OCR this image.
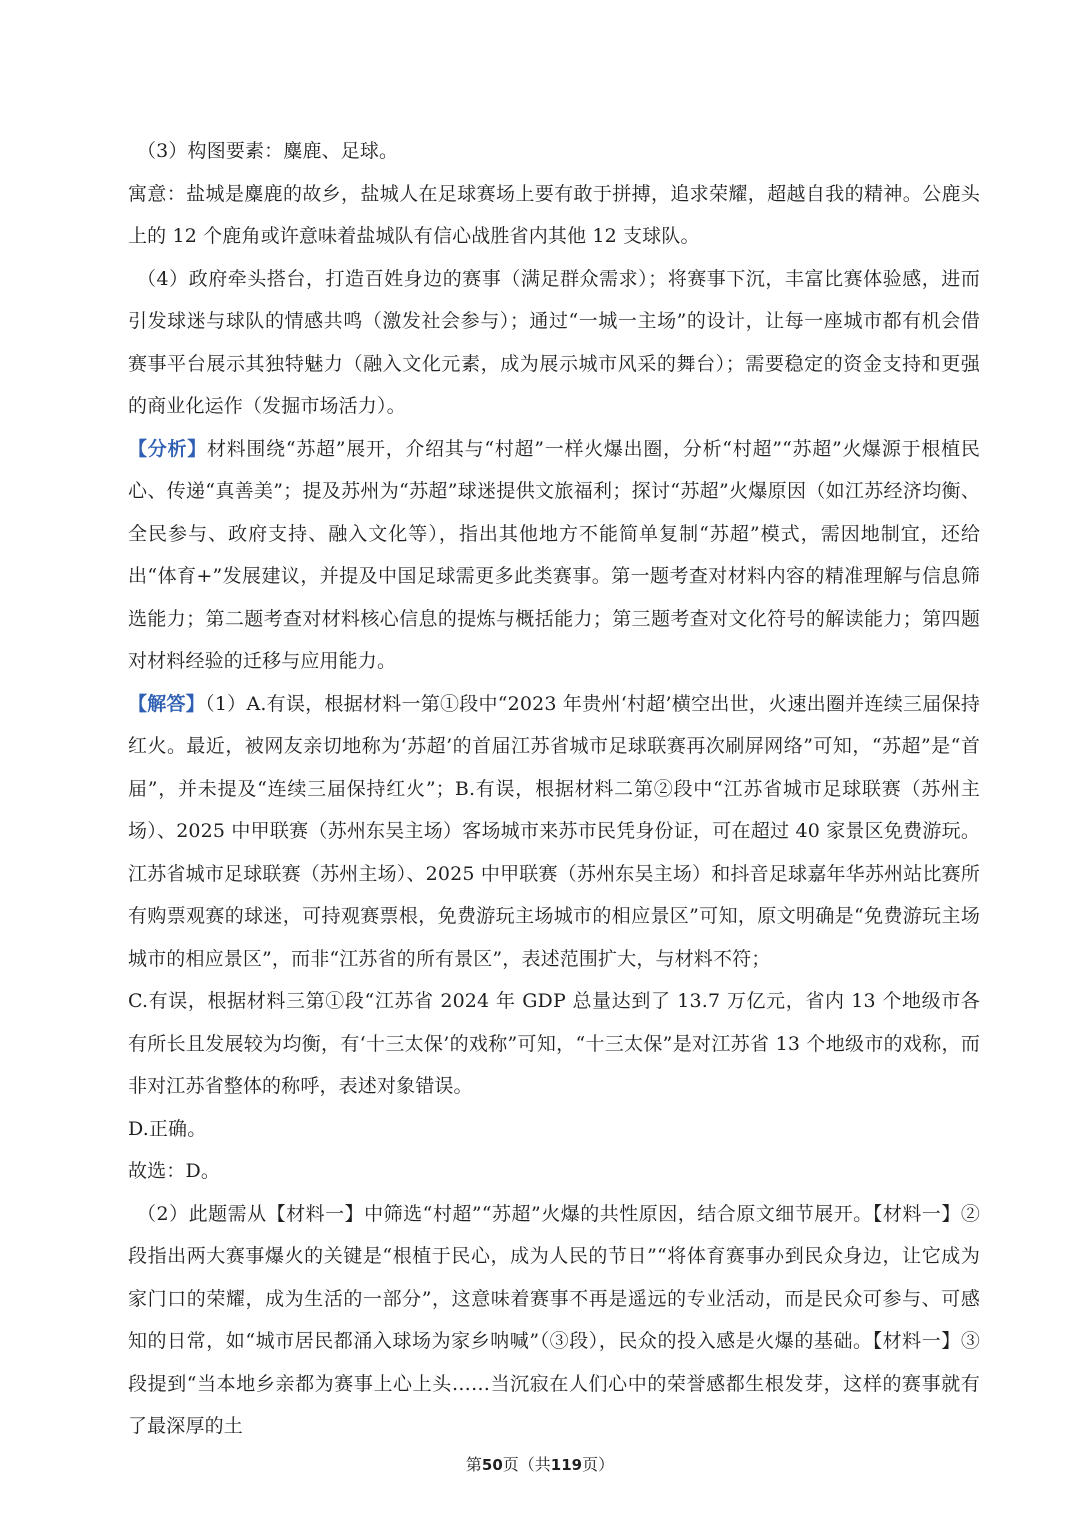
（3）构图要素：麋鹿、足球。

寓意：盐城是麋鹿的故乡，盐城人在足球赛场上要有敢于拼搏，追求荣耀，超越自我的精神。公鹿头上的 12 个鹿角或许意味着盐城队有信心战胜省内其他 12 支球队。

（4）政府牵头搭台，打造百姓身边的赛事（满足群众需求）；将赛事下沉，丰富比赛体验感，进而引发球迷与球队的情感共鸣（激发社会参与）；通过“一城一主场”的设计，让每一座城市都有机会借赛事平台展示其独特魅力（融入文化元素，成为展示城市风采的舞台）；需要稳定的资金支持和更强的商业化运作（发掘市场活力）。

【分析】材料围绕“苏超”展开，介绍其与“村超”一样火爆出圈，分析“村超”“苏超”火爆源于根植民心、传递“真善美”；提及苏州为“苏超”球迷提供文旅福利；探讨“苏超”火爆原因（如江苏经济均衡、全民参与、政府支持、融入文化等），指出其他地方不能简单复制“苏超”模式，需因地制宜，还给出“体育+”发展建议，并提及中国足球需更多此类赛事。第一题考查对材料内容的精准理解与信息筛选能力；第二题考查对材料核心信息的提炼与概括能力；第三题考查对文化符号的解读能力；第四题对材料经验的迁移与应用能力。

【解答】（1）A.有误，根据材料一第①段中“2023 年贵州‘村超’横空出世，火速出圈并连续三届保持红火。最近，被网友亲切地称为‘苏超’的首届江苏省城市足球联赛再次刷屏网络”可知，“苏超”是“首届”，并未提及“连续三届保持红火”；B.有误，根据材料二第②段中“江苏省城市足球联赛（苏州主场）、2025 中甲联赛（苏州东吴主场）客场城市来苏市民凭身份证，可在超过 40 家景区免费游玩。江苏省城市足球联赛（苏州主场）、2025 中甲联赛（苏州东吴主场）和抖音足球嘉年华苏州站比赛所有购票观赛的球迷，可持观赛票根，免费游玩主场城市的相应景区”可知，原文明确是“免费游玩主场城市的相应景区”，而非“江苏省的所有景区”，表述范围扩大，与材料不符；

C.有误，根据材料三第①段“江苏省 2024 年 GDP 总量达到了 13.7 万亿元，省内 13 个地级市各有所长且发展较为均衡，有‘十三太保’的戏称”可知，“十三太保”是对江苏省 13 个地级市的戏称，而非对江苏省整体的称呼，表述对象错误。

D.正确。

故选：D。

（2）此题需从【材料一】中筛选“村超”“苏超”火爆的共性原因，结合原文细节展开。【材料一】②段指出两大赛事爆火的关键是“根植于民心，成为人民的节日”“将体育赛事办到民众身边，让它成为家门口的荣耀，成为生活的一部分”，这意味着赛事不再是遥远的专业活动，而是民众可参与、可感知的日常，如“城市居民都涌入球场为家乡呐喊”（③段），民众的投入感是火爆的基础。【材料一】③段提到“当本地乡亲都为赛事上心上头……当沉寂在人们心中的荣誉感都生根发芽，这样的赛事就有了最深厚的土

第50页（共119页）
